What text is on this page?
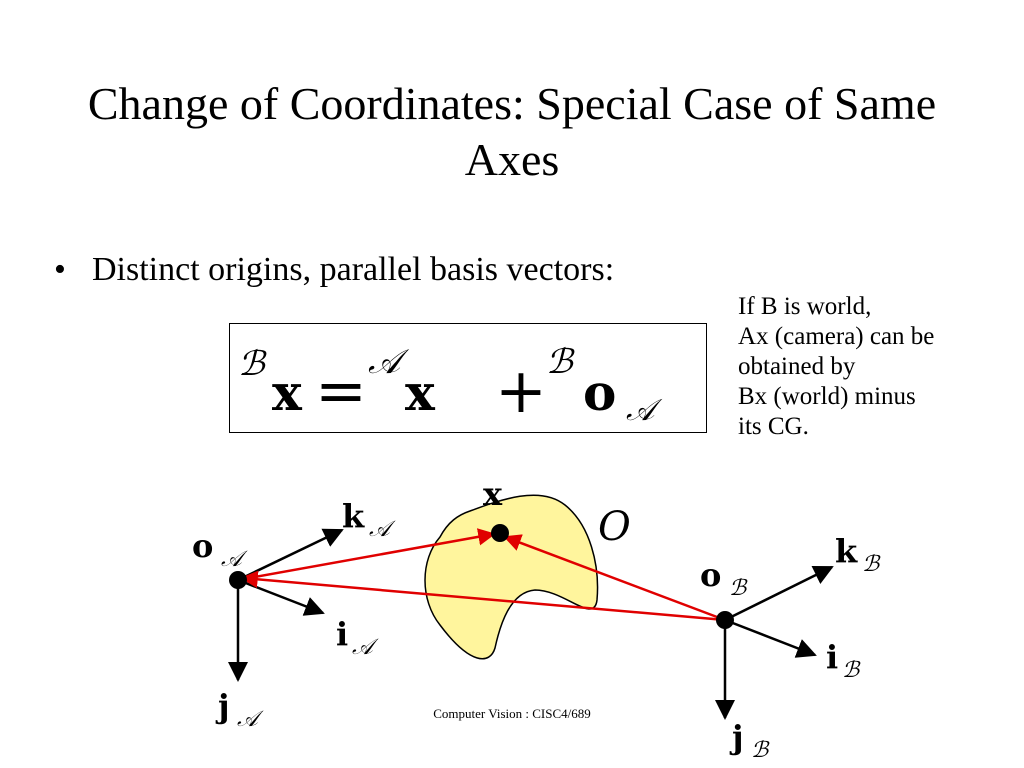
Change of Coordinates: Special Case of Same Axes
• Distinct origins, parallel basis vectors:
If B is world,
Ax (camera) can be
obtained by
Bx (world) minus
its CG.
ℬ x = 𝒜
x + ℬ
o 𝒜
x
O
o 𝒜
k 𝒜
i 𝒜
j 𝒜
o ℬ
k ℬ
i ℬ
j ℬ
Computer Vision : CISC4/689
